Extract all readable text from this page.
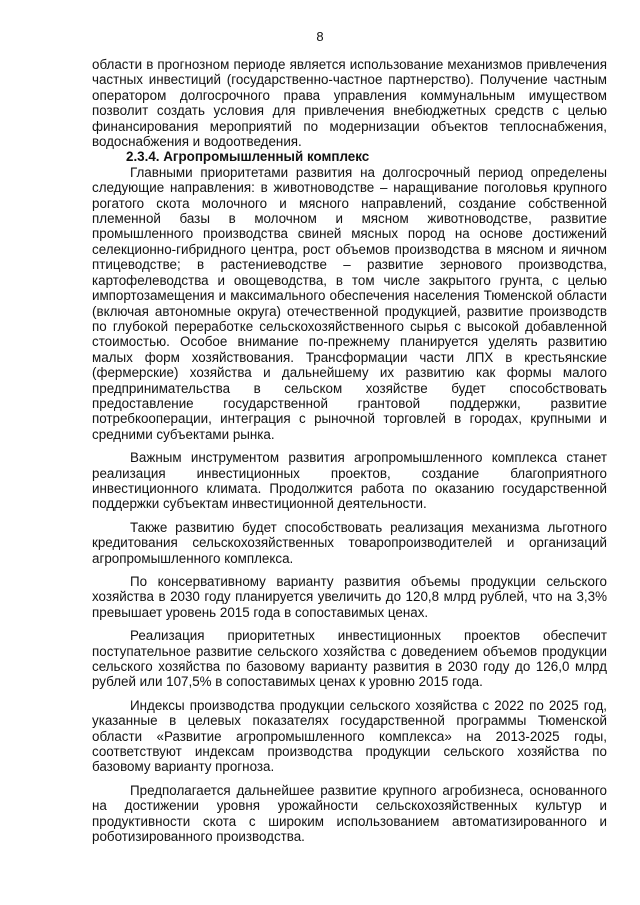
8

области в прогнозном периоде является использование механизмов привлечения частных инвестиций (государственно-частное партнерство). Получение частным оператором долгосрочного права управления коммунальным имуществом позволит создать условия для привлечения внебюджетных средств с целью финансирования мероприятий по модернизации объектов теплоснабжения, водоснабжения и водоотведения.

2.3.4. Агропромышленный комплекс

Главными приоритетами развития на долгосрочный период определены следующие направления: в животноводстве – наращивание поголовья крупного рогатого скота молочного и мясного направлений, создание собственной племенной базы в молочном и мясном животноводстве, развитие промышленного производства свиней мясных пород на основе достижений селекционно-гибридного центра, рост объемов производства в мясном и яичном птицеводстве; в растениеводстве – развитие зернового производства, картофелеводства и овощеводства, в том числе закрытого грунта, с целью импортозамещения и максимального обеспечения населения Тюменской области (включая автономные округа) отечественной продукцией, развитие производств по глубокой переработке сельскохозяйственного сырья с высокой добавленной стоимостью. Особое внимание по-прежнему планируется уделять развитию малых форм хозяйствования. Трансформации части ЛПХ в крестьянские (фермерские) хозяйства и дальнейшему их развитию как формы малого предпринимательства в сельском хозяйстве будет способствовать предоставление государственной грантовой поддержки, развитие потребкооперации, интеграция с рыночной торговлей в городах, крупными и средними субъектами рынка.

Важным инструментом развития агропромышленного комплекса станет реализация инвестиционных проектов, создание благоприятного инвестиционного климата. Продолжится работа по оказанию государственной поддержки субъектам инвестиционной деятельности.

Также развитию будет способствовать реализация механизма льготного кредитования сельскохозяйственных товаропроизводителей и организаций агропромышленного комплекса.

По консервативному варианту развития объемы продукции сельского хозяйства в 2030 году планируется увеличить до 120,8 млрд рублей, что на 3,3% превышает уровень 2015 года в сопоставимых ценах.

Реализация приоритетных инвестиционных проектов обеспечит поступательное развитие сельского хозяйства с доведением объемов продукции сельского хозяйства по базовому варианту развития в 2030 году до 126,0 млрд рублей или 107,5% в сопоставимых ценах к уровню 2015 года.

Индексы производства продукции сельского хозяйства с 2022 по 2025 год, указанные в целевых показателях государственной программы Тюменской области «Развитие агропромышленного комплекса» на 2013-2025 годы, соответствуют индексам производства продукции сельского хозяйства по базовому варианту прогноза.

Предполагается дальнейшее развитие крупного агробизнеса, основанного на достижении уровня урожайности сельскохозяйственных культур и продуктивности скота с широким использованием автоматизированного и роботизированного производства.
